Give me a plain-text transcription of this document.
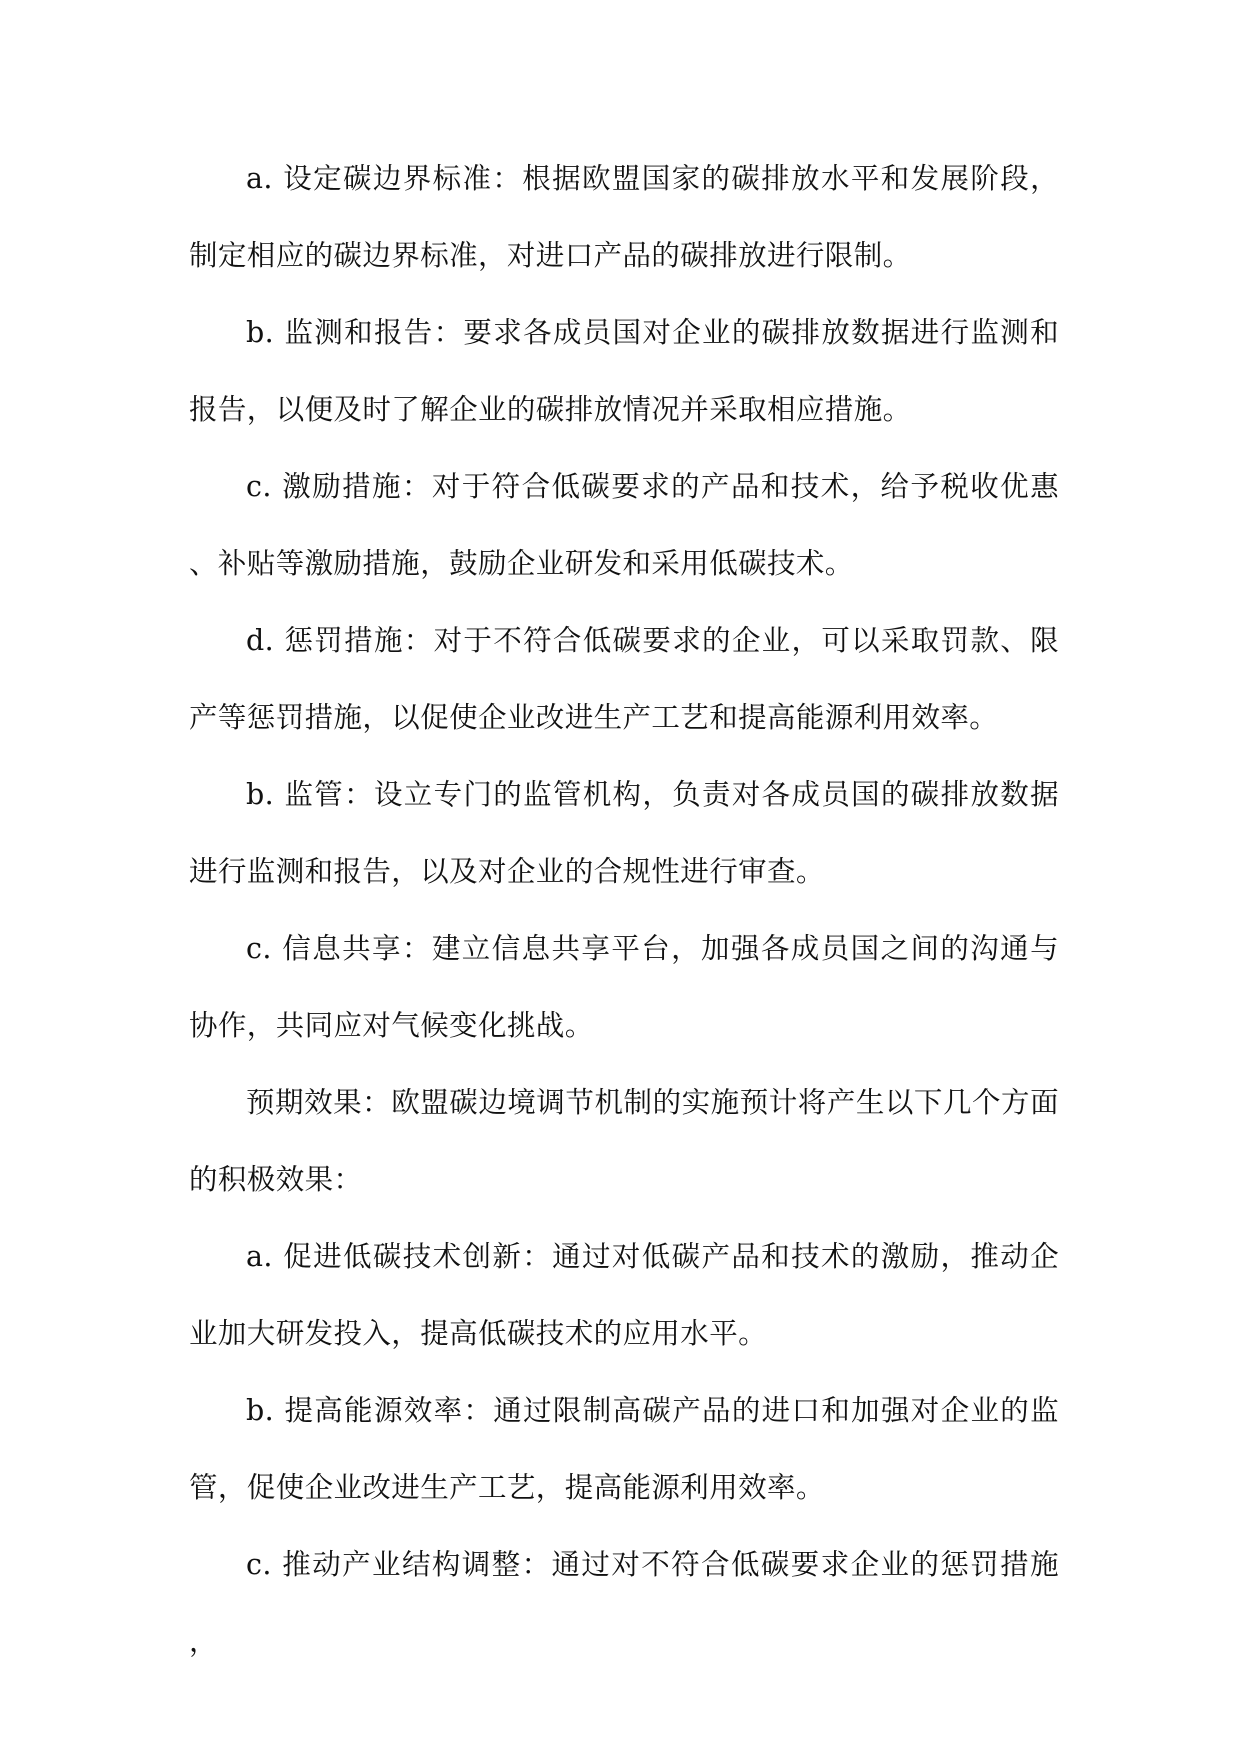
a. 设定碳边界标准：根据欧盟国家的碳排放水平和发展阶段，制定相应的碳边界标准，对进口产品的碳排放进行限制。

b. 监测和报告：要求各成员国对企业的碳排放数据进行监测和报告，以便及时了解企业的碳排放情况并采取相应措施。

c. 激励措施：对于符合低碳要求的产品和技术，给予税收优惠、补贴等激励措施，鼓励企业研发和采用低碳技术。

d. 惩罚措施：对于不符合低碳要求的企业，可以采取罚款、限产等惩罚措施，以促使企业改进生产工艺和提高能源利用效率。

b. 监管：设立专门的监管机构，负责对各成员国的碳排放数据进行监测和报告，以及对企业的合规性进行审查。

c. 信息共享：建立信息共享平台，加强各成员国之间的沟通与协作，共同应对气候变化挑战。

预期效果：欧盟碳边境调节机制的实施预计将产生以下几个方面的积极效果：

a. 促进低碳技术创新：通过对低碳产品和技术的激励，推动企业加大研发投入，提高低碳技术的应用水平。

b. 提高能源效率：通过限制高碳产品的进口和加强对企业的监管，促使企业改进生产工艺，提高能源利用效率。

c. 推动产业结构调整：通过对不符合低碳要求企业的惩罚措施，
